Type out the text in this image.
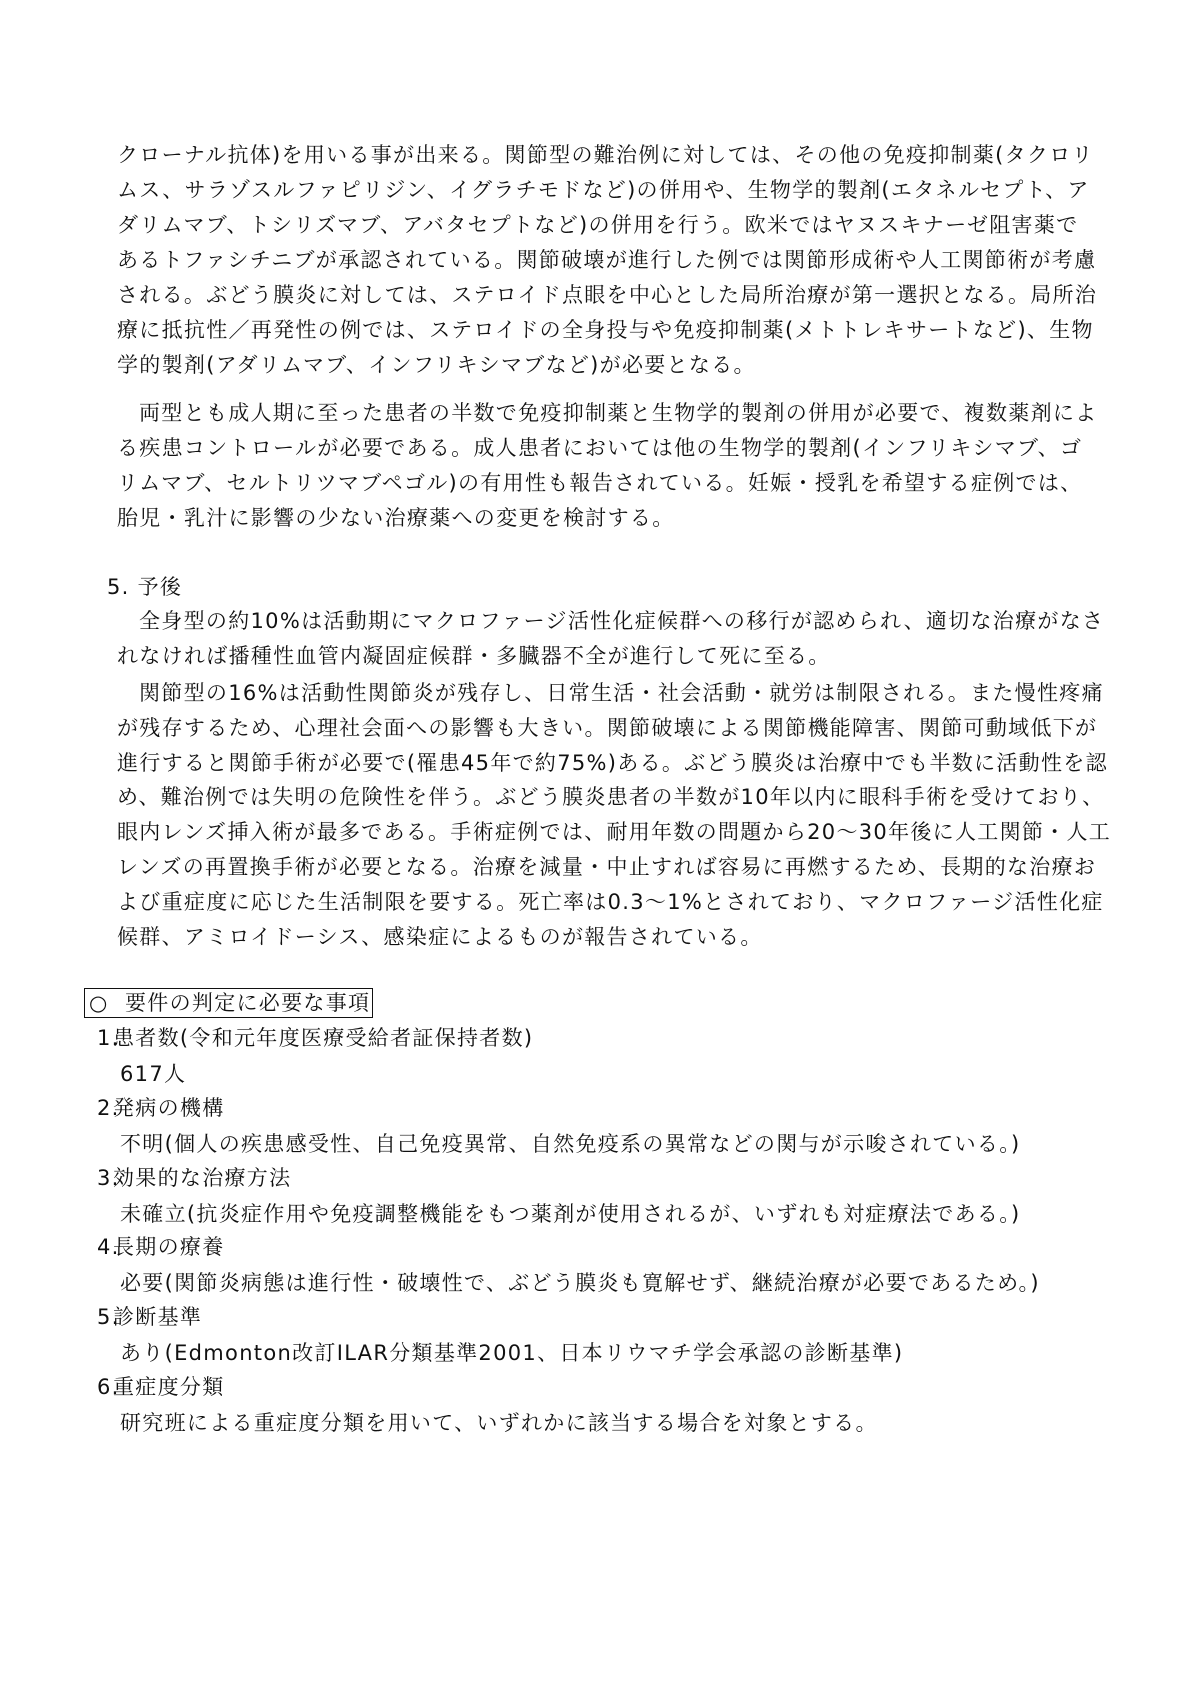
○ 要件の判定に必要な事項
クローナル抗体)を用いる事が出来る。関節型の難治例に対しては、その他の免疫抑制薬(タクロリ
ムス、サラゾスルファピリジン、イグラチモドなど)の併用や、生物学的製剤(エタネルセプト、ア
ダリムマブ、トシリズマブ、アバタセプトなど)の併用を行う。欧米ではヤヌスキナーゼ阻害薬で
あるトファシチニブが承認されている。関節破壊が進行した例では関節形成術や人工関節術が考慮
される。ぶどう膜炎に対しては、ステロイド点眼を中心とした局所治療が第一選択となる。局所治
療に抵抗性／再発性の例では、ステロイドの全身投与や免疫抑制薬(メトトレキサートなど)、生物
学的製剤(アダリムマブ、インフリキシマブなど)が必要となる。
両型とも成人期に至った患者の半数で免疫抑制薬と生物学的製剤の併用が必要で、複数薬剤によ
る疾患コントロールが必要である。成人患者においては他の生物学的製剤(インフリキシマブ、ゴ
リムマブ、セルトリツマブペゴル)の有用性も報告されている。妊娠・授乳を希望する症例では、
胎児・乳汁に影響の少ない治療薬への変更を検討する。
5. 予後
全身型の約10%は活動期にマクロファージ活性化症候群への移行が認められ、適切な治療がなさ
れなければ播種性血管内凝固症候群・多臓器不全が進行して死に至る。
関節型の16%は活動性関節炎が残存し、日常生活・社会活動・就労は制限される。また慢性疼痛
が残存するため、心理社会面への影響も大きい。関節破壊による関節機能障害、関節可動域低下が
進行すると関節手術が必要で(罹患45年で約75%)ある。ぶどう膜炎は治療中でも半数に活動性を認
め、難治例では失明の危険性を伴う。ぶどう膜炎患者の半数が10年以内に眼科手術を受けており、
眼内レンズ挿入術が最多である。手術症例では、耐用年数の問題から20～30年後に人工関節・人工
レンズの再置換手術が必要となる。治療を減量・中止すれば容易に再燃するため、長期的な治療お
よび重症度に応じた生活制限を要する。死亡率は0.3～1%とされており、マクロファージ活性化症
候群、アミロイドーシス、感染症によるものが報告されている。
1.
患者数(令和元年度医療受給者証保持者数)
617人
2.
発病の機構
不明(個人の疾患感受性、自己免疫異常、自然免疫系の異常などの関与が示唆されている。)
3.
効果的な治療方法
未確立(抗炎症作用や免疫調整機能をもつ薬剤が使用されるが、いずれも対症療法である。)
4.
長期の療養
必要(関節炎病態は進行性・破壊性で、ぶどう膜炎も寛解せず、継続治療が必要であるため。)
5.
診断基準
あり(Edmonton改訂ILAR分類基準2001、日本リウマチ学会承認の診断基準)
6.
重症度分類
研究班による重症度分類を用いて、いずれかに該当する場合を対象とする。
